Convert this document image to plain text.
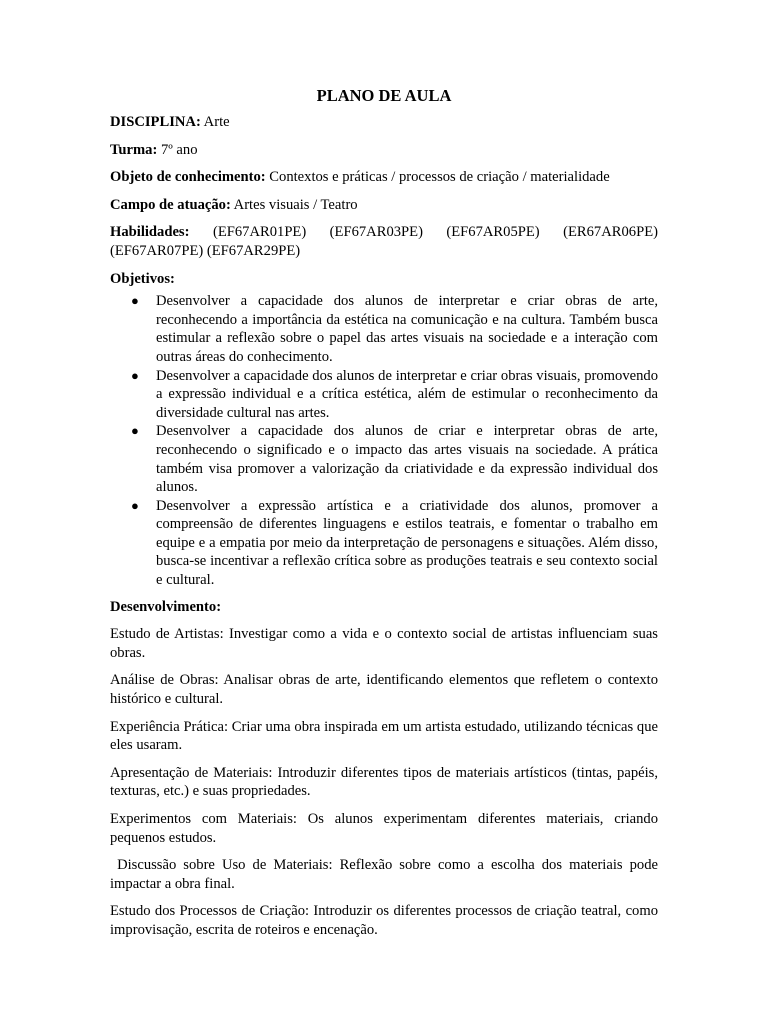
PLANO DE AULA
DISCIPLINA: Arte
Turma: 7º ano
Objeto de conhecimento: Contextos e práticas / processos de criação / materialidade
Campo de atuação: Artes visuais / Teatro
Habilidades: (EF67AR01PE) (EF67AR03PE) (EF67AR05PE) (ER67AR06PE) (EF67AR07PE) (EF67AR29PE)
Objetivos:
● Desenvolver a capacidade dos alunos de interpretar e criar obras de arte, reconhecendo a importância da estética na comunicação e na cultura. Também busca estimular a reflexão sobre o papel das artes visuais na sociedade e a interação com outras áreas do conhecimento.
● Desenvolver a capacidade dos alunos de interpretar e criar obras visuais, promovendo a expressão individual e a crítica estética, além de estimular o reconhecimento da diversidade cultural nas artes.
● Desenvolver a capacidade dos alunos de criar e interpretar obras de arte, reconhecendo o significado e o impacto das artes visuais na sociedade. A prática também visa promover a valorização da criatividade e da expressão individual dos alunos.
● Desenvolver a expressão artística e a criatividade dos alunos, promover a compreensão de diferentes linguagens e estilos teatrais, e fomentar o trabalho em equipe e a empatia por meio da interpretação de personagens e situações. Além disso, busca-se incentivar a reflexão crítica sobre as produções teatrais e seu contexto social e cultural.
Desenvolvimento:
Estudo de Artistas: Investigar como a vida e o contexto social de artistas influenciam suas obras.
Análise de Obras: Analisar obras de arte, identificando elementos que refletem o contexto histórico e cultural.
Experiência Prática: Criar uma obra inspirada em um artista estudado, utilizando técnicas que eles usaram.
Apresentação de Materiais: Introduzir diferentes tipos de materiais artísticos (tintas, papéis, texturas, etc.) e suas propriedades.
Experimentos com Materiais: Os alunos experimentam diferentes materiais, criando pequenos estudos.
Discussão sobre Uso de Materiais: Reflexão sobre como a escolha dos materiais pode impactar a obra final.
Estudo dos Processos de Criação: Introduzir os diferentes processos de criação teatral, como improvisação, escrita de roteiros e encenação.
